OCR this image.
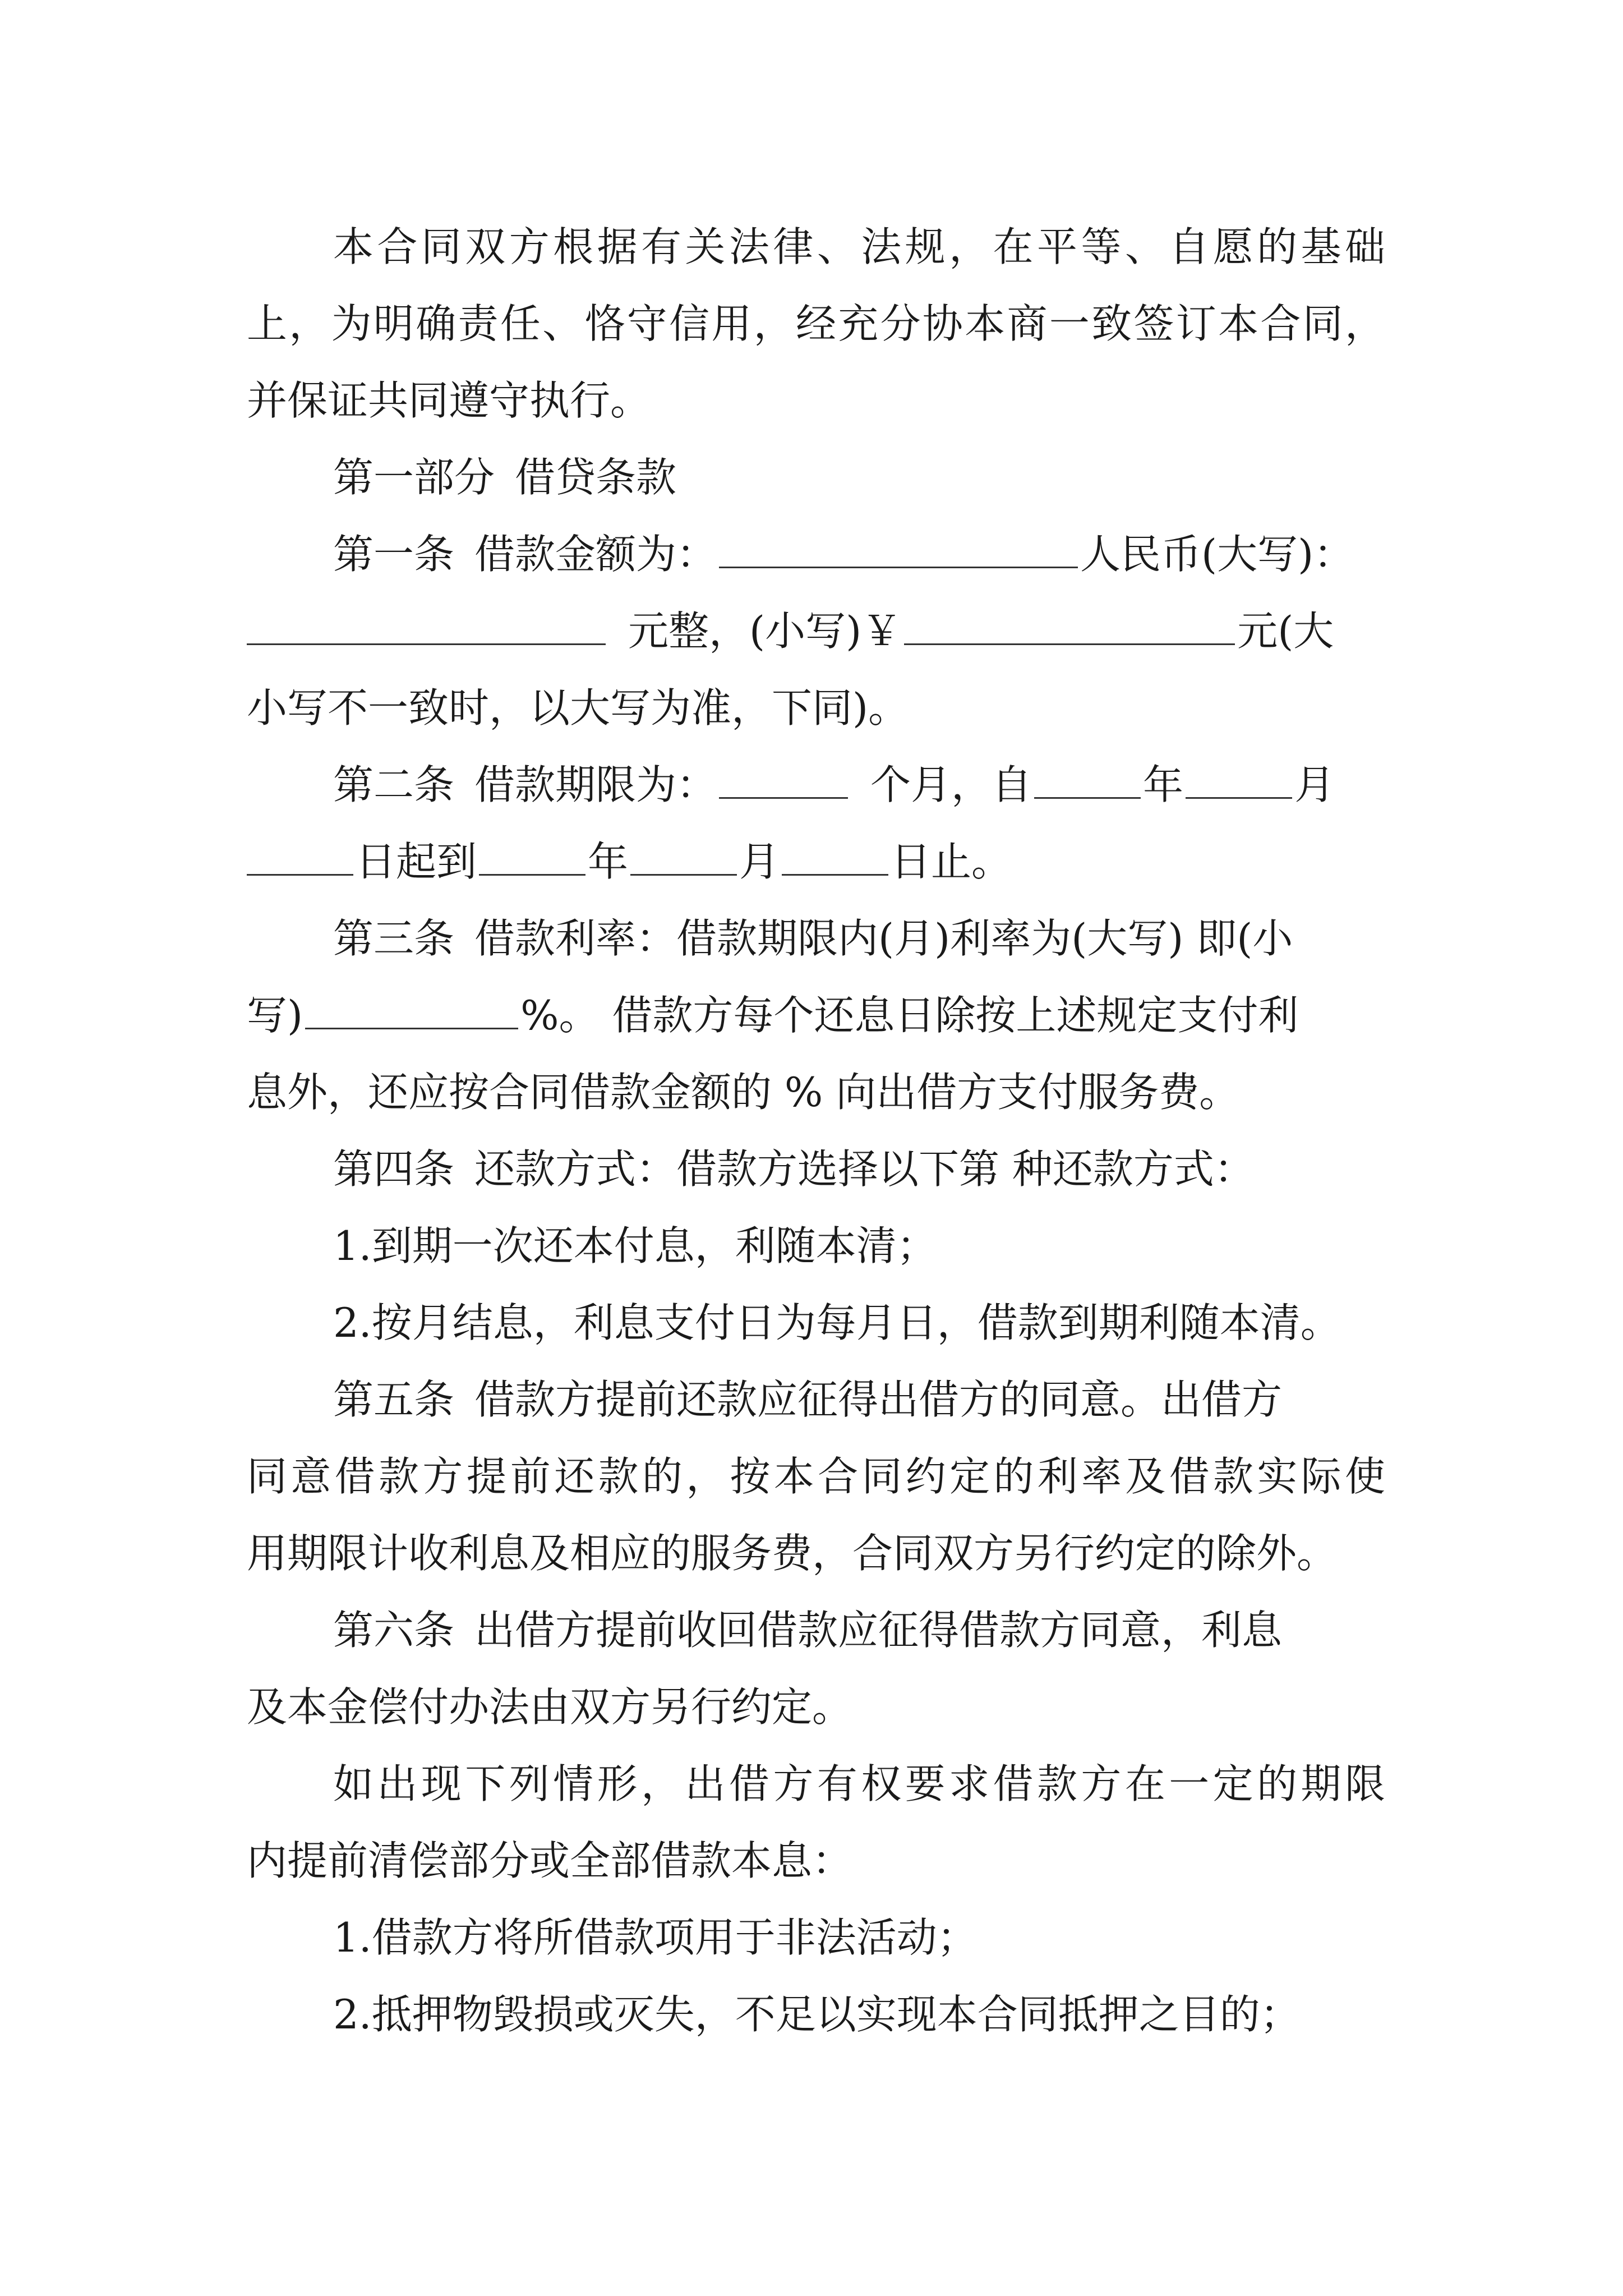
本合同双方根据有关法律、法规，在平等、自愿的基础
上，为明确责任、恪守信用，经充分协本商一致签订本合同，
并保证共同遵守执行。
第一部分 借贷条款
第一条 借款金额为：	人民币(大写)：
元整，(小写)￥	元(大
小写不一致时，以大写为准，下同)。
第二条 借款期限为：	个月，自	年	月
日起到	年	月	日止。
第三条 借款利率：借款期限内(月)利率为(大写) 即(小
写)	%。 借款方每个还息日除按上述规定支付利
息外，还应按合同借款金额的 % 向出借方支付服务费。
第四条 还款方式：借款方选择以下第 种还款方式：
1.到期一次还本付息，利随本清；
2.按月结息，利息支付日为每月日，借款到期利随本清。
第五条 借款方提前还款应征得出借方的同意。出借方
同意借款方提前还款的，按本合同约定的利率及借款实际使
用期限计收利息及相应的服务费，合同双方另行约定的除外。
第六条 出借方提前收回借款应征得借款方同意，利息
及本金偿付办法由双方另行约定。
如出现下列情形，出借方有权要求借款方在一定的期限
内提前清偿部分或全部借款本息：
1.借款方将所借款项用于非法活动；
2.抵押物毁损或灭失，不足以实现本合同抵押之目的；
